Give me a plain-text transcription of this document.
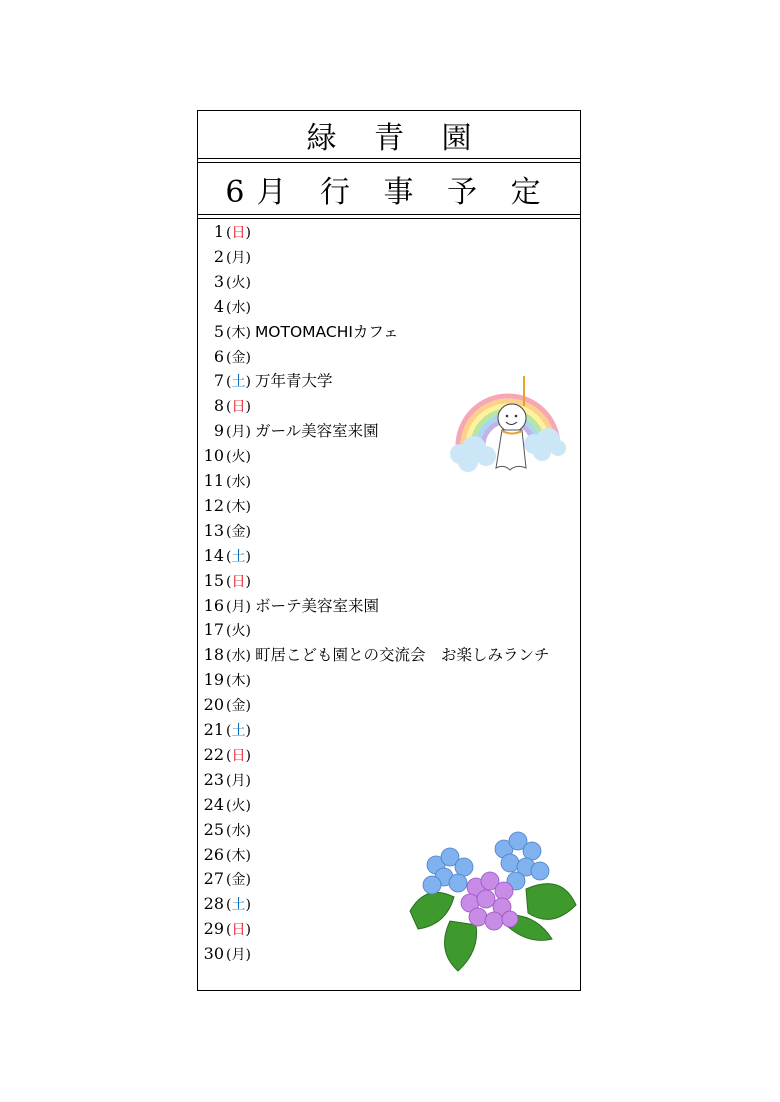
緑 青 園
6月 行 事 予 定
1 (日)
2 (月)
3 (火)
4 (水)
5 (木) MOTOMACHIカフェ
6 (金)
7 (土) 万年青大学
8 (日)
9 (月) ガール美容室来園
10 (火)
11 (水)
12 (木)
13 (金)
14 (土)
15 (日)
16 (月) ボーテ美容室来園
17 (火)
18 (水) 町居こども園との交流会　お楽しみランチ
19 (木)
20 (金)
21 (土)
22 (日)
23 (月)
24 (火)
25 (水)
26 (木)
27 (金)
28 (土)
29 (日)
30 (月)
